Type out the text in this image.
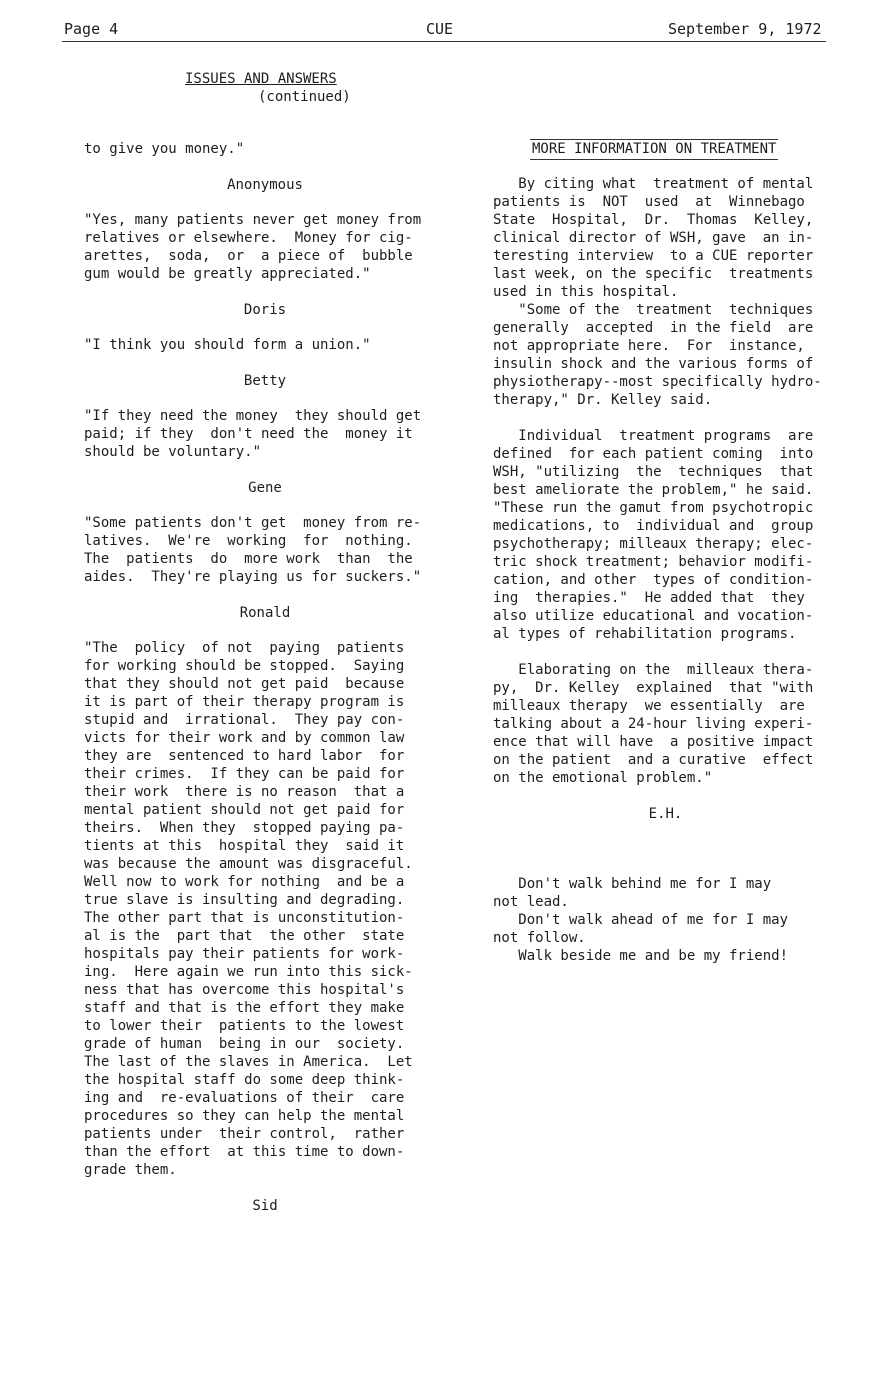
Page 4	CUE	September 9, 1972
ISSUES AND ANSWERS
(continued)
to give you money."
Anonymous
"Yes, many patients never get money from
relatives or elsewhere.  Money for cig-
arettes,  soda,  or  a piece of  bubble
gum would be greatly appreciated."
Doris
"I think you should form a union."
Betty
"If they need the money  they should get
paid; if they  don't need the  money it
should be voluntary."
Gene
"Some patients don't get  money from re-
latives.  We're  working  for  nothing.
The  patients  do  more work  than  the
aides.  They're playing us for suckers."
Ronald
"The  policy  of not  paying  patients
for working should be stopped.  Saying
that they should not get paid  because
it is part of their therapy program is
stupid and  irrational.  They pay con-
victs for their work and by common law
they are  sentenced to hard labor  for
their crimes.  If they can be paid for
their work  there is no reason  that a
mental patient should not get paid for
theirs.  When they  stopped paying pa-
tients at this  hospital they  said it
was because the amount was disgraceful.
Well now to work for nothing  and be a
true slave is insulting and degrading.
The other part that is unconstitution-
al is the  part that  the other  state
hospitals pay their patients for work-
ing.  Here again we run into this sick-
ness that has overcome this hospital's
staff and that is the effort they make
to lower their  patients to the lowest
grade of human  being in our  society.
The last of the slaves in America.  Let
the hospital staff do some deep think-
ing and  re-evaluations of their  care
procedures so they can help the mental
patients under  their control,  rather
than the effort  at this time to down-
grade them.
Sid
MORE INFORMATION ON TREATMENT
By citing what  treatment of mental
patients is  NOT  used  at  Winnebago
State  Hospital,  Dr.  Thomas  Kelley,
clinical director of WSH, gave  an in-
teresting interview  to a CUE reporter
last week, on the specific  treatments
used in this hospital.
"Some of the  treatment  techniques
generally  accepted  in the field  are
not appropriate here.  For  instance,
insulin shock and the various forms of
physiotherapy--most specifically hydro-
therapy," Dr. Kelley said.
Individual  treatment programs  are
defined  for each patient coming  into
WSH, "utilizing  the  techniques  that
best ameliorate the problem," he said.
"These run the gamut from psychotropic
medications, to  individual and  group
psychotherapy; milleaux therapy; elec-
tric shock treatment; behavior modifi-
cation, and other  types of condition-
ing  therapies."  He added that  they
also utilize educational and vocation-
al types of rehabilitation programs.
Elaborating on the  milleaux thera-
py,  Dr. Kelley  explained  that "with
milleaux therapy  we essentially  are
talking about a 24-hour living experi-
ence that will have  a positive impact
on the patient  and a curative  effect
on the emotional problem."
E.H.
Don't walk behind me for I may
not lead.
Don't walk ahead of me for I may
not follow.
Walk beside me and be my friend!
